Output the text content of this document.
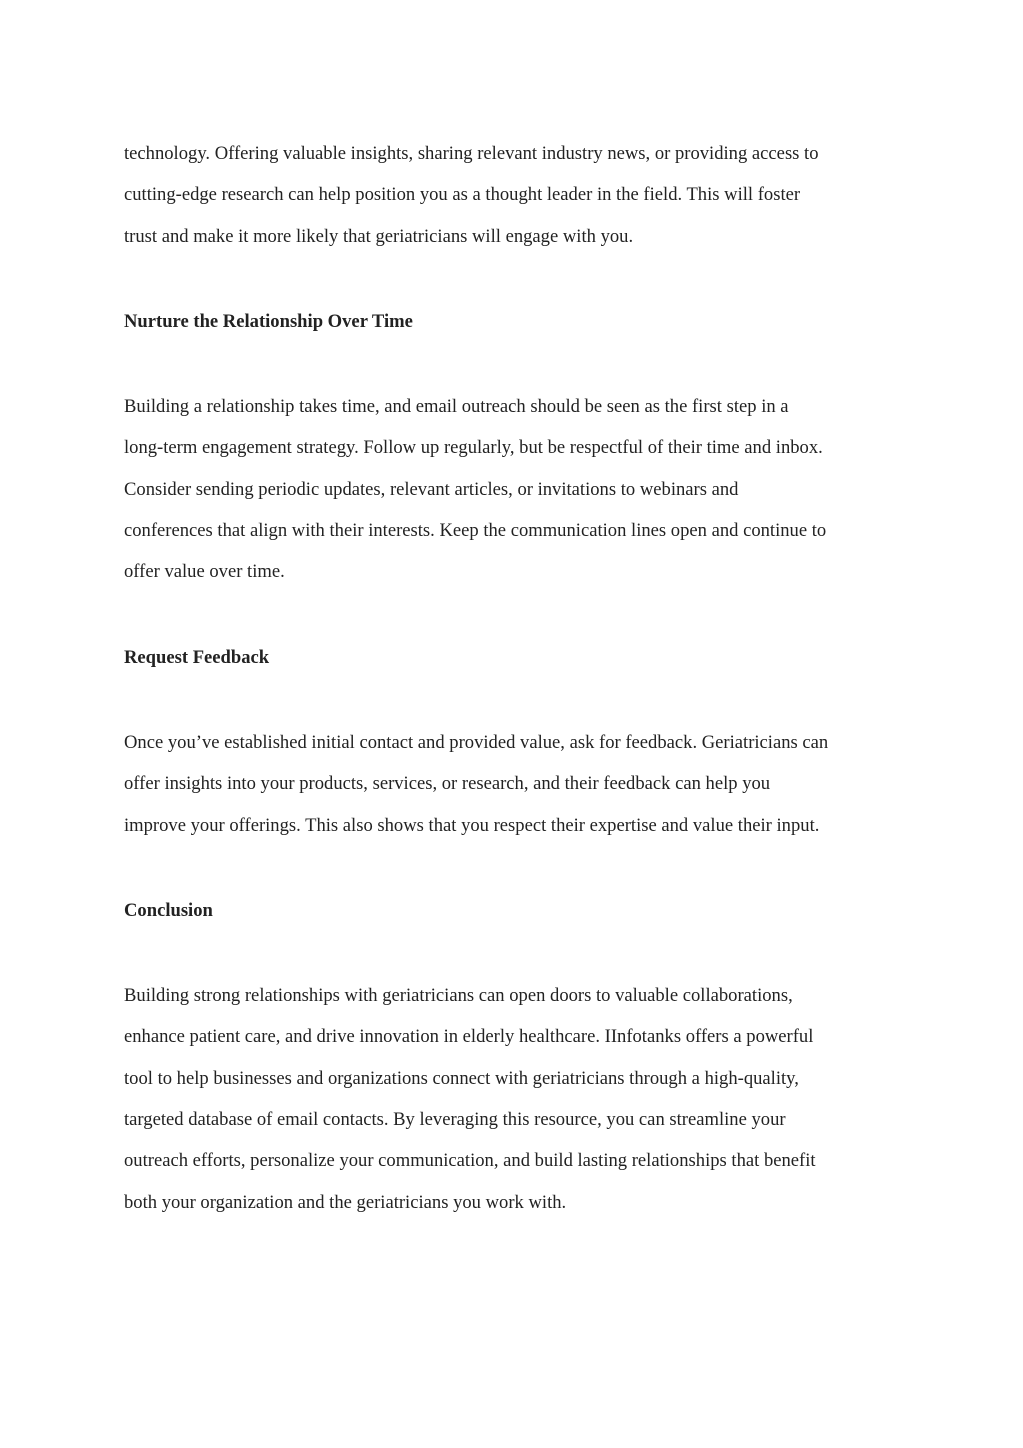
technology. Offering valuable insights, sharing relevant industry news, or providing access to
cutting-edge research can help position you as a thought leader in the field. This will foster
trust and make it more likely that geriatricians will engage with you.
Nurture the Relationship Over Time
Building a relationship takes time, and email outreach should be seen as the first step in a
long-term engagement strategy. Follow up regularly, but be respectful of their time and inbox.
Consider sending periodic updates, relevant articles, or invitations to webinars and
conferences that align with their interests. Keep the communication lines open and continue to
offer value over time.
Request Feedback
Once you’ve established initial contact and provided value, ask for feedback. Geriatricians can
offer insights into your products, services, or research, and their feedback can help you
improve your offerings. This also shows that you respect their expertise and value their input.
Conclusion
Building strong relationships with geriatricians can open doors to valuable collaborations,
enhance patient care, and drive innovation in elderly healthcare. IInfotanks offers a powerful
tool to help businesses and organizations connect with geriatricians through a high-quality,
targeted database of email contacts. By leveraging this resource, you can streamline your
outreach efforts, personalize your communication, and build lasting relationships that benefit
both your organization and the geriatricians you work with.
